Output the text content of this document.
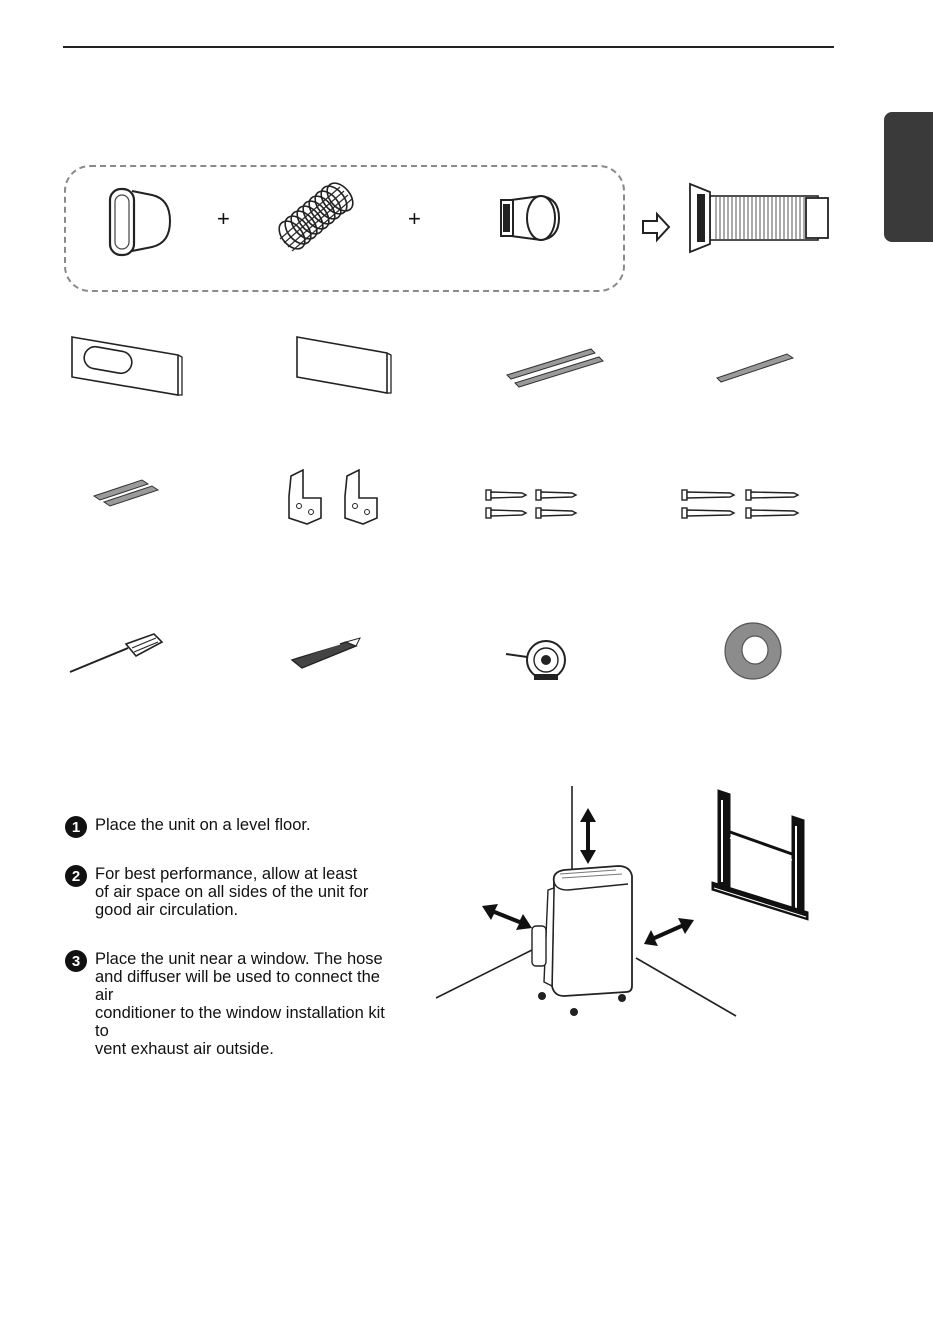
+	+
1 Place the unit on a level floor.
2 For best performance, allow at least
of air space on all sides of the unit for
good air circulation.
3 Place the unit near a window. The hose
and diffuser will be used to connect the air
conditioner to the window installation kit to
vent exhaust air outside.
